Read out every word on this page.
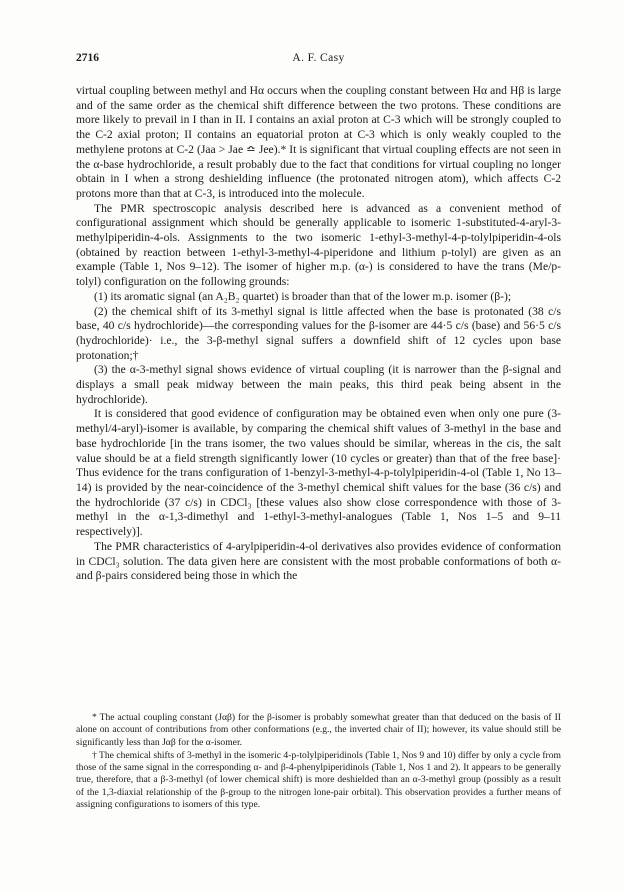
2716	A. F. Casy

virtual coupling between methyl and Hα occurs when the coupling constant between Hα and Hβ is large and of the same order as the chemical shift difference between the two protons. These conditions are more likely to prevail in I than in II. I contains an axial proton at C-3 which will be strongly coupled to the C-2 axial proton; II contains an equatorial proton at C-3 which is only weakly coupled to the methylene protons at C-2 (Jaa > Jae ≏ Jee).* It is significant that virtual coupling effects are not seen in the α-base hydrochloride, a result probably due to the fact that conditions for virtual coupling no longer obtain in I when a strong deshielding influence (the protonated nitrogen atom), which affects C-2 protons more than that at C-3, is introduced into the molecule.

The PMR spectroscopic analysis described here is advanced as a convenient method of configurational assignment which should be generally applicable to isomeric 1-substituted-4-aryl-3-methylpiperidin-4-ols. Assignments to the two isomeric 1-ethyl-3-methyl-4-p-tolylpiperidin-4-ols (obtained by reaction between 1-ethyl-3-methyl-4-piperidone and lithium p-tolyl) are given as an example (Table 1, Nos 9–12). The isomer of higher m.p. (α-) is considered to have the trans (Me/p-tolyl) configuration on the following grounds:

(1) its aromatic signal (an A₂B₂ quartet) is broader than that of the lower m.p. isomer (β-);

(2) the chemical shift of its 3-methyl signal is little affected when the base is protonated (38 c/s base, 40 c/s hydrochloride)—the corresponding values for the β-isomer are 44·5 c/s (base) and 56·5 c/s (hydrochloride)· i.e., the 3-β-methyl signal suffers a downfield shift of 12 cycles upon base protonation;†

(3) the α-3-methyl signal shows evidence of virtual coupling (it is narrower than the β-signal and displays a small peak midway between the main peaks, this third peak being absent in the hydrochloride).

It is considered that good evidence of configuration may be obtained even when only one pure (3-methyl/4-aryl)-isomer is available, by comparing the chemical shift values of 3-methyl in the base and base hydrochloride [in the trans isomer, the two values should be similar, whereas in the cis, the salt value should be at a field strength significantly lower (10 cycles or greater) than that of the free base]· Thus evidence for the trans configuration of 1-benzyl-3-methyl-4-p-tolylpiperidin-4-ol (Table 1, No 13–14) is provided by the near-coincidence of the 3-methyl chemical shift values for the base (36 c/s) and the hydrochloride (37 c/s) in CDCl₃ [these values also show close correspondence with those of 3-methyl in the α-1,3-dimethyl and 1-ethyl-3-methyl-analogues (Table 1, Nos 1–5 and 9–11 respectively)].

The PMR characteristics of 4-arylpiperidin-4-ol derivatives also provides evidence of conformation in CDCl₃ solution. The data given here are consistent with the most probable conformations of both α- and β-pairs considered being those in which the

* The actual coupling constant (Jαβ) for the β-isomer is probably somewhat greater than that deduced on the basis of II alone on account of contributions from other conformations (e.g., the inverted chair of II); however, its value should still be significantly less than Jαβ for the α-isomer.

† The chemical shifts of 3-methyl in the isomeric 4-p-tolylpiperidinols (Table 1, Nos 9 and 10) differ by only a cycle from those of the same signal in the corresponding α- and β-4-phenylpiperidinols (Table 1, Nos 1 and 2). It appears to be generally true, therefore, that a β-3-methyl (of lower chemical shift) is more deshielded than an α-3-methyl group (possibly as a result of the 1,3-diaxial relationship of the β-group to the nitrogen lone-pair orbital). This observation provides a further means of assigning configurations to isomers of this type.
